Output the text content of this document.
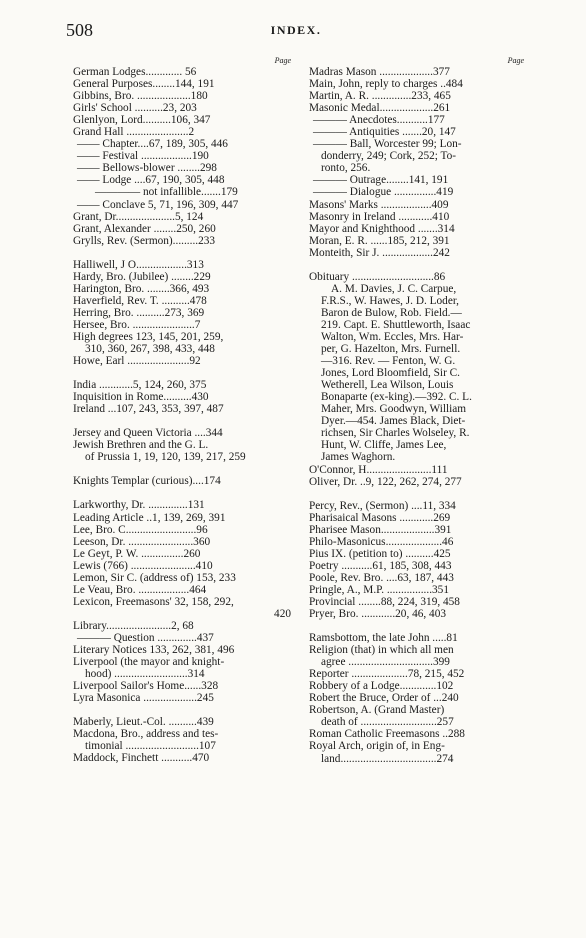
508	INDEX.
Page
German Lodges............. 56
General Purposes........144, 191
Gibbins, Bro. ...................180
Girls' School ..........23, 203
Glenlyon, Lord..........106, 347
Grand Hall ......................2
—— Chapter....67, 189, 305, 446
—— Festival ..................190
—— Bellows-blower ........298
—— Lodge ....67, 190, 305, 448
———— not infallible.......179
—— Conclave 5, 71, 196, 309, 447
Grant, Dr.....................5, 124
Grant, Alexander ........250, 260
Grylls, Rev. (Sermon).........233
Halliwell, J O..................313
Hardy, Bro. (Jubilee) ........229
Harington, Bro. ........366, 493
Haverfield, Rev. T. ..........478
Herring, Bro. ..........273, 369
Hersee, Bro. ......................7
High degrees 123, 145, 201, 259,
310, 360, 267, 398, 433, 448
Howe, Earl ......................92
India ............5, 124, 260, 375
Inquisition in Rome..........430
Ireland ...107, 243, 353, 397, 487
Jersey and Queen Victoria ....344
Jewish Brethren and the G. L.
of Prussia 1, 19, 120, 139, 217, 259
Knights Templar (curious)....174
Larkworthy, Dr. ..............131
Leading Article ..1, 139, 269, 391
Lee, Bro. C.........................96
Leeson, Dr. .......................360
Le Geyt, P. W. ...............260
Lewis (766) .......................410
Lemon, Sir C. (address of) 153, 233
Le Veau, Bro. ..................464
Lexicon, Freemasons' 32, 158, 292,
420
Library.......................2, 68
——— Question ..............437
Literary Notices 133, 262, 381, 496
Liverpool (the mayor and knight-
hood) ..........................314
Liverpool Sailor's Home......328
Lyra Masonica ...................245
Maberly, Lieut.-Col. ..........439
Macdona, Bro., address and tes-
timonial ..........................107
Maddock, Finchett ...........470
Page
Madras Mason ...................377
Main, John, reply to charges ..484
Martin, A. R. ..............233, 465
Masonic Medal...................261
——— Anecdotes...........177
——— Antiquities .......20, 147
——— Ball, Worcester 99; Lon-
donderry, 249; Cork, 252; To-
ronto, 256.
——— Outrage........141, 191
——— Dialogue ...............419
Masons' Marks ..................409
Masonry in Ireland ............410
Mayor and Knighthood .......314
Moran, E. R. ......185, 212, 391
Monteith, Sir J. ..................242
Obituary .............................86
A. M. Davies, J. C. Carpue,
F.R.S., W. Hawes, J. D. Loder,
Baron de Bulow, Rob. Field.—
219. Capt. E. Shuttleworth, Isaac
Walton, Wm. Eccles, Mrs. Har-
per, G. Hazelton, Mrs. Furnell.
—316. Rev. — Fenton, W. G.
Jones, Lord Bloomfield, Sir C.
Wetherell, Lea Wilson, Louis
Bonaparte (ex-king).—392. C. L.
Maher, Mrs. Goodwyn, William
Dyer.—454. James Black, Diet-
richsen, Sir Charles Wolseley, R.
Hunt, W. Cliffe, James Lee,
James Waghorn.
O'Connor, H.......................111
Oliver, Dr. ..9, 122, 262, 274, 277
Percy, Rev., (Sermon) ....11, 334
Pharisaical Masons ............269
Pharisee Mason...................391
Philo-Masonicus....................46
Pius IX. (petition to) ..........425
Poetry ...........61, 185, 308, 443
Poole, Rev. Bro. ....63, 187, 443
Pringle, A., M.P. ................351
Provincial ........88, 224, 319, 458
Pryer, Bro. ............20, 46, 403
Ramsbottom, the late John .....81
Religion (that) in which all men
agree ..............................399
Reporter ....................78, 215, 452
Robbery of a Lodge.............102
Robert the Bruce, Order of ...240
Robertson, A. (Grand Master)
death of ...........................257
Roman Catholic Freemasons ..288
Royal Arch, origin of, in Eng-
land..................................274
